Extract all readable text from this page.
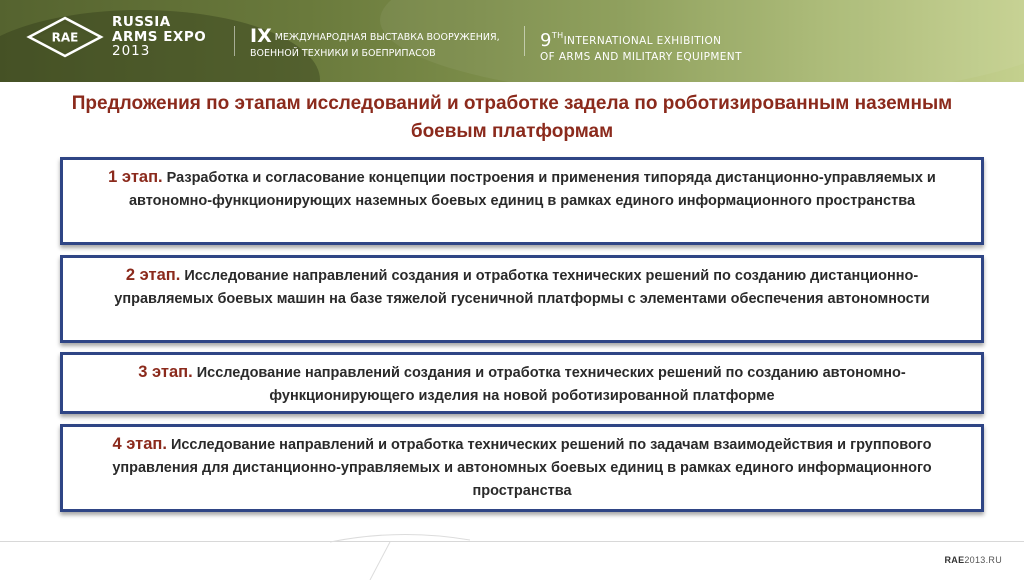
RAE
RUSSIA
ARMS EXPO
2013
IX МЕЖДУНАРОДНАЯ ВЫСТАВКА ВООРУЖЕНИЯ,
ВОЕННОЙ ТЕХНИКИ И БОЕПРИПАСОВ
9THINTERNATIONAL EXHIBITION
OF ARMS AND MILITARY EQUIPMENT
Предложения по этапам исследований и отработке задела по роботизированным наземным боевым платформам
1 этап. Разработка и согласование концепции построения и применения типоряда дистанционно-управляемых и автономно-функционирующих наземных боевых единиц в рамках единого информационного пространства
2 этап. Исследование направлений создания и отработка технических решений по созданию дистанционно-управляемых боевых машин на базе тяжелой гусеничной платформы с элементами обеспечения автономности
3 этап. Исследование направлений создания и отработка технических решений по созданию автономно-функционирующего изделия на новой роботизированной платформе
4 этап. Исследование направлений и отработка технических решений по задачам взаимодействия и группового управления для дистанционно-управляемых и автономных боевых единиц в рамках единого информационного пространства
RAE2013.RU
